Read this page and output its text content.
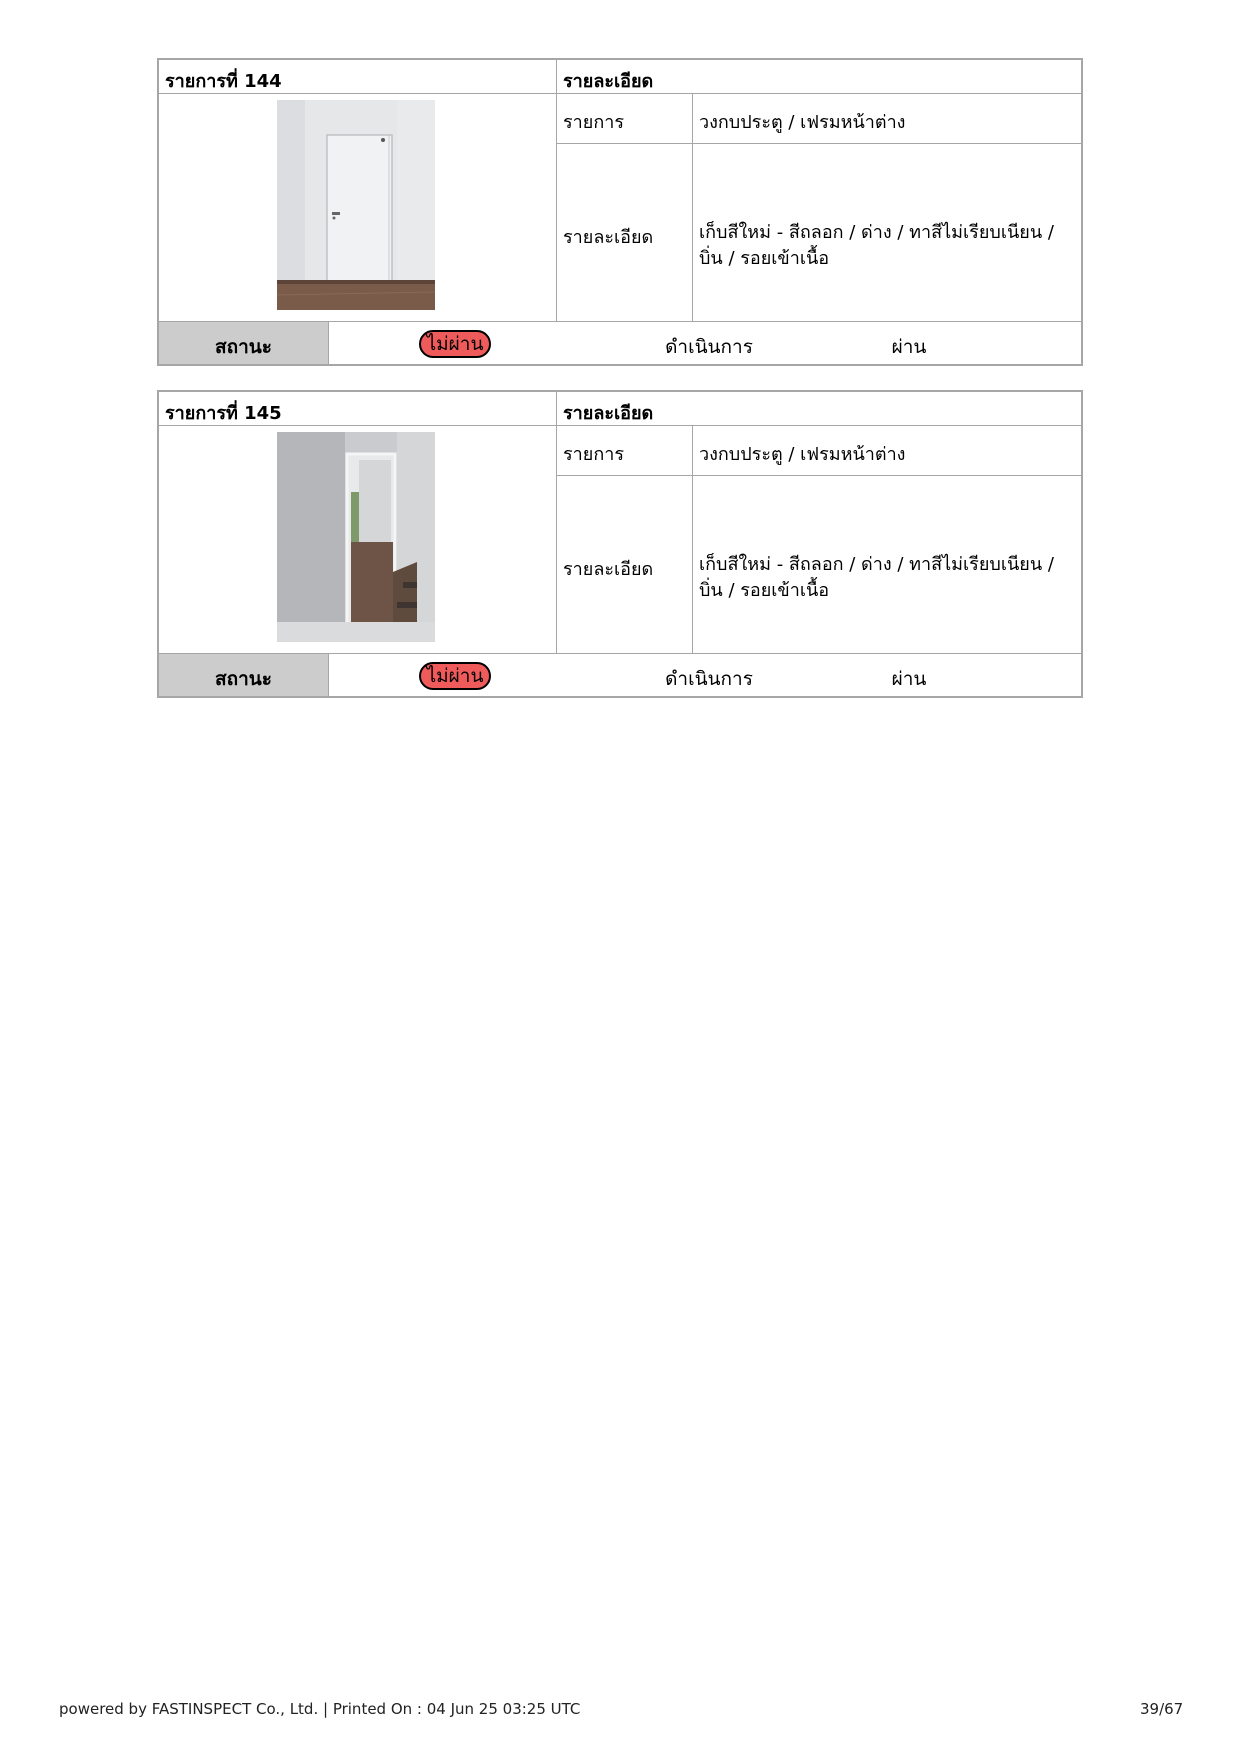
รายการที่ 144	รายละเอียด
รายการ	วงกบประตู / เฟรมหน้าต่าง
รายละเอียด	เก็บสีใหม่ - สีถลอก / ด่าง / ทาสีไม่เรียบเนียน / บิ่น / รอยเข้าเนื้อ
สถานะ	ไม่ผ่าน	ดำเนินการ	ผ่าน
รายการที่ 145	รายละเอียด
รายการ	วงกบประตู / เฟรมหน้าต่าง
รายละเอียด	เก็บสีใหม่ - สีถลอก / ด่าง / ทาสีไม่เรียบเนียน / บิ่น / รอยเข้าเนื้อ
สถานะ	ไม่ผ่าน	ดำเนินการ	ผ่าน
powered by FASTINSPECT Co., Ltd. | Printed On : 04 Jun 25 03:25 UTC	39/67
